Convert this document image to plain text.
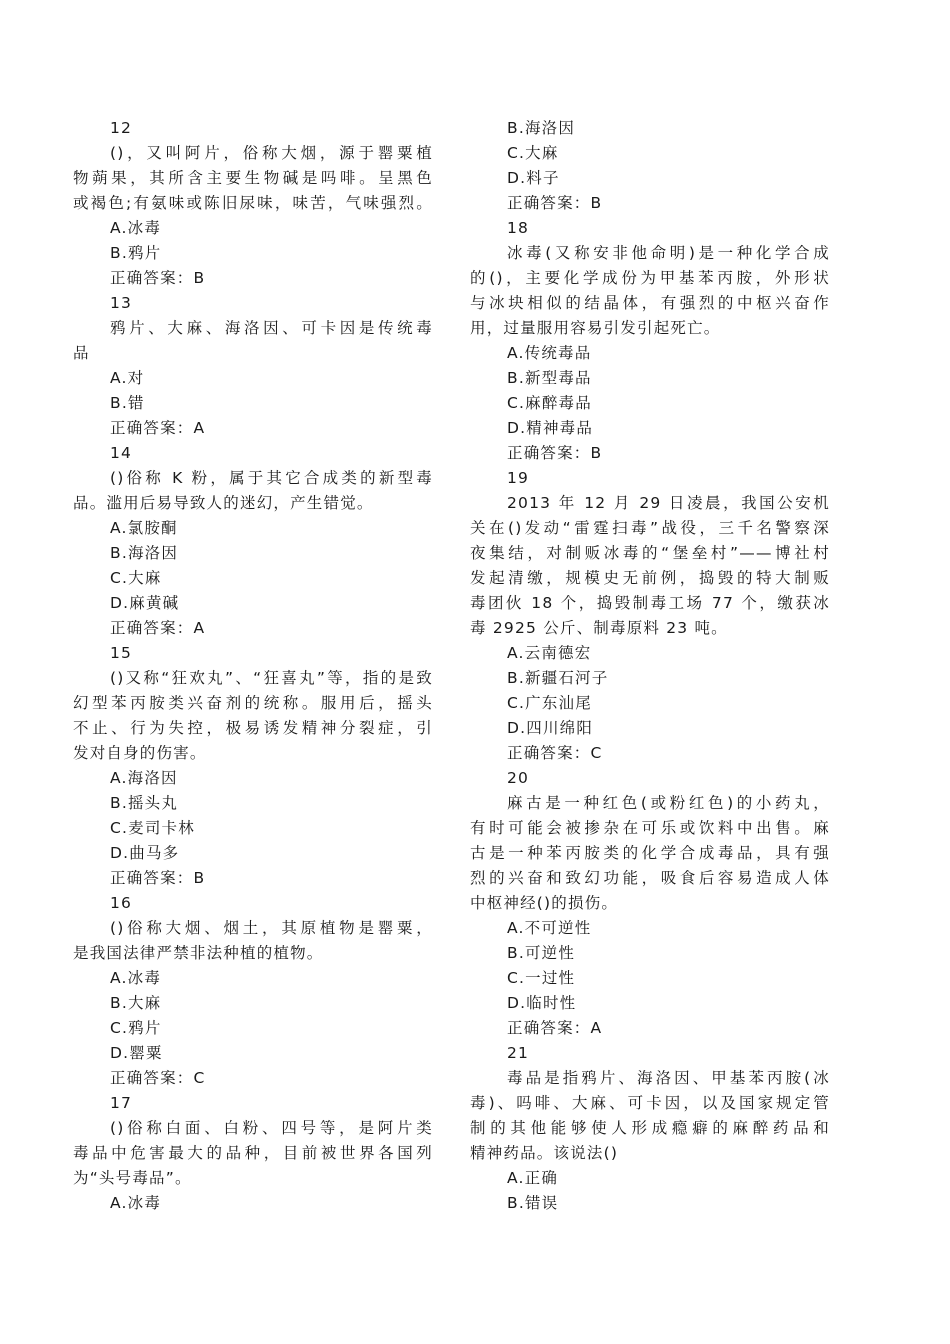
12
()，又叫阿片，俗称大烟，源于罂粟植
物蒴果，其所含主要生物碱是吗啡。呈黑色
或褐色;有氨味或陈旧尿味，味苦，气味强烈。
A.冰毒
B.鸦片
正确答案：B
13
鸦片、大麻、海洛因、可卡因是传统毒
品
A.对
B.错
正确答案：A
14
()俗称 K 粉，属于其它合成类的新型毒
品。滥用后易导致人的迷幻，产生错觉。
A.氯胺酮
B.海洛因
C.大麻
D.麻黄碱
正确答案：A
15
()又称“狂欢丸”、“狂喜丸”等，指的是致
幻型苯丙胺类兴奋剂的统称。服用后，摇头
不止、行为失控，极易诱发精神分裂症，引
发对自身的伤害。
A.海洛因
B.摇头丸
C.麦司卡林
D.曲马多
正确答案：B
16
()俗称大烟、烟土，其原植物是罂粟，
是我国法律严禁非法种植的植物。
A.冰毒
B.大麻
C.鸦片
D.罂粟
正确答案：C
17
()俗称白面、白粉、四号等，是阿片类
毒品中危害最大的品种，目前被世界各国列
为“头号毒品”。
A.冰毒
B.海洛因
C.大麻
D.料子
正确答案：B
18
冰毒(又称安非他命明)是一种化学合成
的()，主要化学成份为甲基苯丙胺，外形状
与冰块相似的结晶体，有强烈的中枢兴奋作
用，过量服用容易引发引起死亡。
A.传统毒品
B.新型毒品
C.麻醉毒品
D.精神毒品
正确答案：B
19
2013 年 12 月 29 日凌晨，我国公安机
关在()发动“雷霆扫毒”战役，三千名警察深
夜集结，对制贩冰毒的“堡垒村”——博社村
发起清缴，规模史无前例，捣毁的特大制贩
毒团伙 18 个，捣毁制毒工场 77 个，缴获冰
毒 2925 公斤、制毒原料 23 吨。
A.云南德宏
B.新疆石河子
C.广东汕尾
D.四川绵阳
正确答案：C
20
麻古是一种红色(或粉红色)的小药丸，
有时可能会被掺杂在可乐或饮料中出售。麻
古是一种苯丙胺类的化学合成毒品，具有强
烈的兴奋和致幻功能，吸食后容易造成人体
中枢神经()的损伤。
A.不可逆性
B.可逆性
C.一过性
D.临时性
正确答案：A
21
毒品是指鸦片、海洛因、甲基苯丙胺(冰
毒)、吗啡、大麻、可卡因，以及国家规定管
制的其他能够使人形成瘾癖的麻醉药品和
精神药品。该说法()
A.正确
B.错误
